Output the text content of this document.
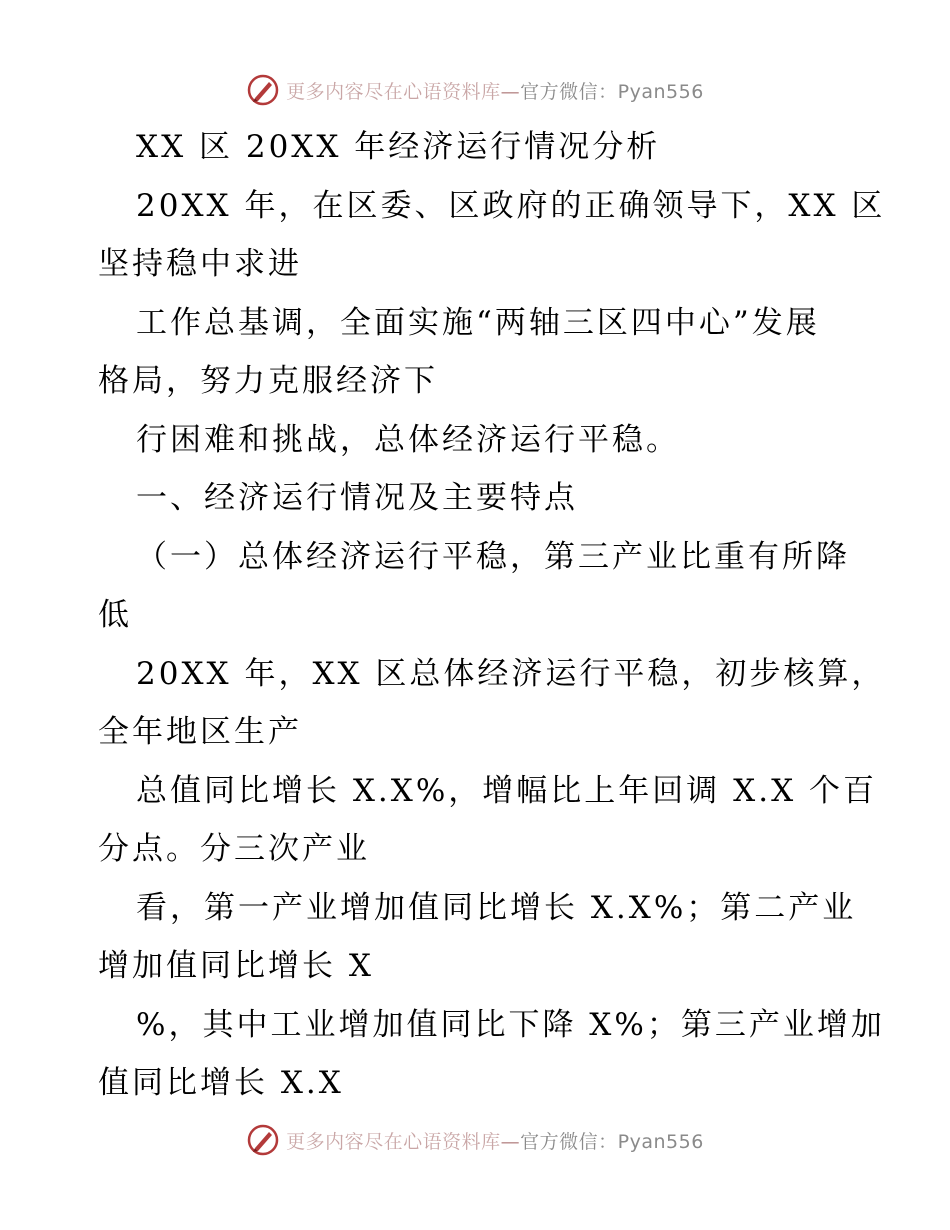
更多内容尽在心语资料库—官方微信：Pyan556
XX 区 20XX 年经济运行情况分析
20XX 年，在区委、区政府的正确领导下，XX 区
坚持稳中求进
工作总基调，全面实施“两轴三区四中心”发展
格局，努力克服经济下
行困难和挑战，总体经济运行平稳。
一、经济运行情况及主要特点
（一）总体经济运行平稳，第三产业比重有所降
低
20XX 年，XX 区总体经济运行平稳，初步核算，
全年地区生产
总值同比增长 X.X%，增幅比上年回调 X.X 个百
分点。分三次产业
看，第一产业增加值同比增长 X.X%；第二产业
增加值同比增长 X
%，其中工业增加值同比下降 X%；第三产业增加
值同比增长 X.X
更多内容尽在心语资料库—官方微信：Pyan556
